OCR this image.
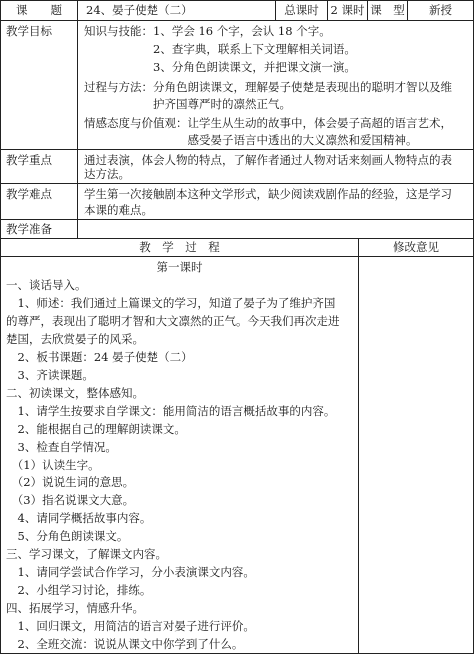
课　　题	24、晏子使楚（二）	总课时	2 课时 课　型	新授
教学目标	知识与技能：1、学会 16 个字，会认 18 个字。
　　　　　　2、查字典，联系上下文理解相关词语。
　　　　　　3、分角色朗读课文，并把课文演一演。
过程与方法：分角色朗读课文，理解晏子使楚是表现出的聪明才智以及维
　　　　　　护齐国尊严时的凛然正气。
情感态度与价值观：让学生从生动的故事中，体会晏子高超的语言艺术，
　　　　　　　　　感受晏子语言中透出的大义凛然和爱国精神。
教学重点	通过表演，体会人物的特点，了解作者通过人物对话来刻画人物特点的表
达方法。
教学难点	学生第一次接触剧本这种文学形式，缺少阅读戏剧作品的经验，这是学习
本课的难点。
教学准备
教　学　过　程	修改意见
第一课时
一、谈话导入。
　1、师述：我们通过上篇课文的学习，知道了晏子为了维护齐国
的尊严，表现出了聪明才智和大文凛然的正气。今天我们再次走进
楚国，去欣赏晏子的风采。
　2、板书课题：24 晏子使楚（二）
　3、齐读课题。
二、初读课文，整体感知。
　1、请学生按要求自学课文：能用简洁的语言概括故事的内容。
　2、能根据自己的理解朗读课文。
　3、检查自学情况。
　（1）认读生字。
　（2）说说生词的意思。
　（3）指名说课文大意。
　4、请同学概括故事内容。
　5、分角色朗读课文。
三、学习课文，了解课文内容。
　1、请同学尝试合作学习，分小表演课文内容。
　2、小组学习讨论，排练。
四、拓展学习，情感升华。
　1、回归课文，用简洁的语言对晏子进行评价。
　2、全班交流：说说从课文中你学到了什么。
